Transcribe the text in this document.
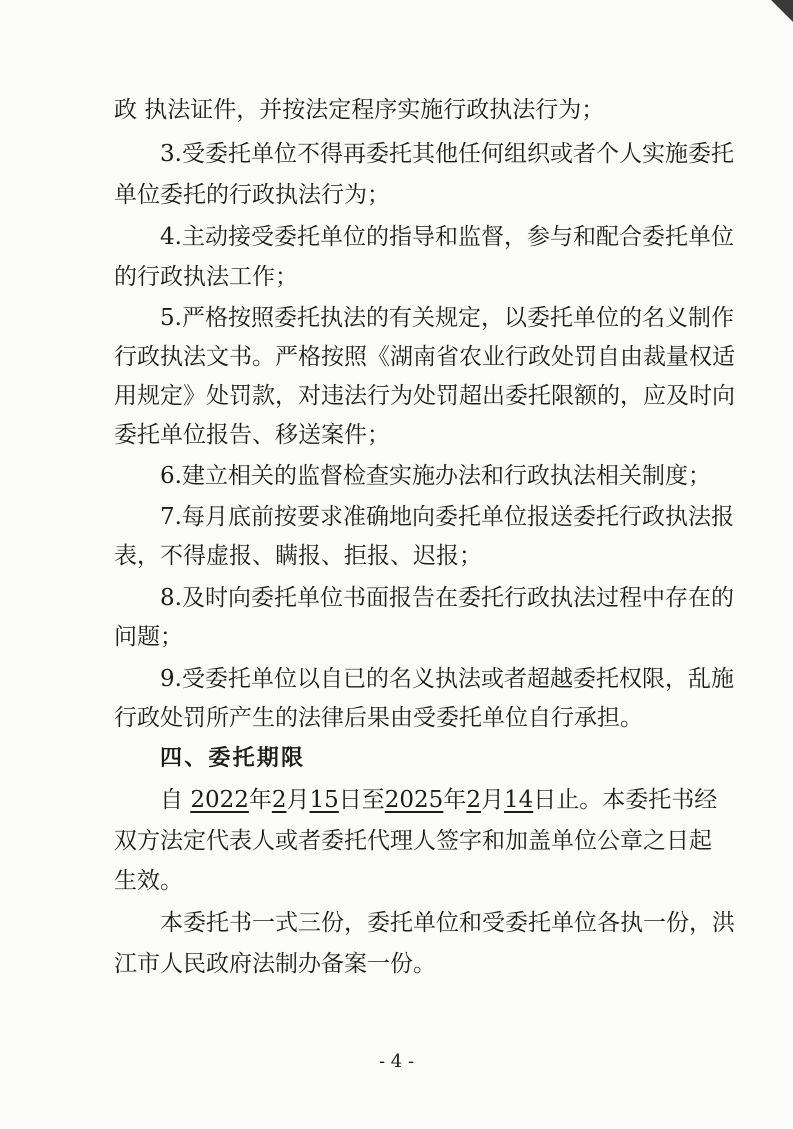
政 执法证件，并按法定程序实施行政执法行为；
3.受委托单位不得再委托其他任何组织或者个人实施委托
单位委托的行政执法行为；
4.主动接受委托单位的指导和监督，参与和配合委托单位
的行政执法工作；
5.严格按照委托执法的有关规定，以委托单位的名义制作
行政执法文书。严格按照《湖南省农业行政处罚自由裁量权适
用规定》处罚款，对违法行为处罚超出委托限额的，应及时向
委托单位报告、移送案件；
6.建立相关的监督检查实施办法和行政执法相关制度；
7.每月底前按要求准确地向委托单位报送委托行政执法报
表，不得虚报、瞒报、拒报、迟报；
8.及时向委托单位书面报告在委托行政执法过程中存在的
问题；
9.受委托单位以自已的名义执法或者超越委托权限，乱施
行政处罚所产生的法律后果由受委托单位自行承担。
四、委托期限
自 2022年2月15日至2025年2月14日止。本委托书经
双方法定代表人或者委托代理人签字和加盖单位公章之日起
生效。
本委托书一式三份，委托单位和受委托单位各执一份，洪
江市人民政府法制办备案一份。
- 4 -
